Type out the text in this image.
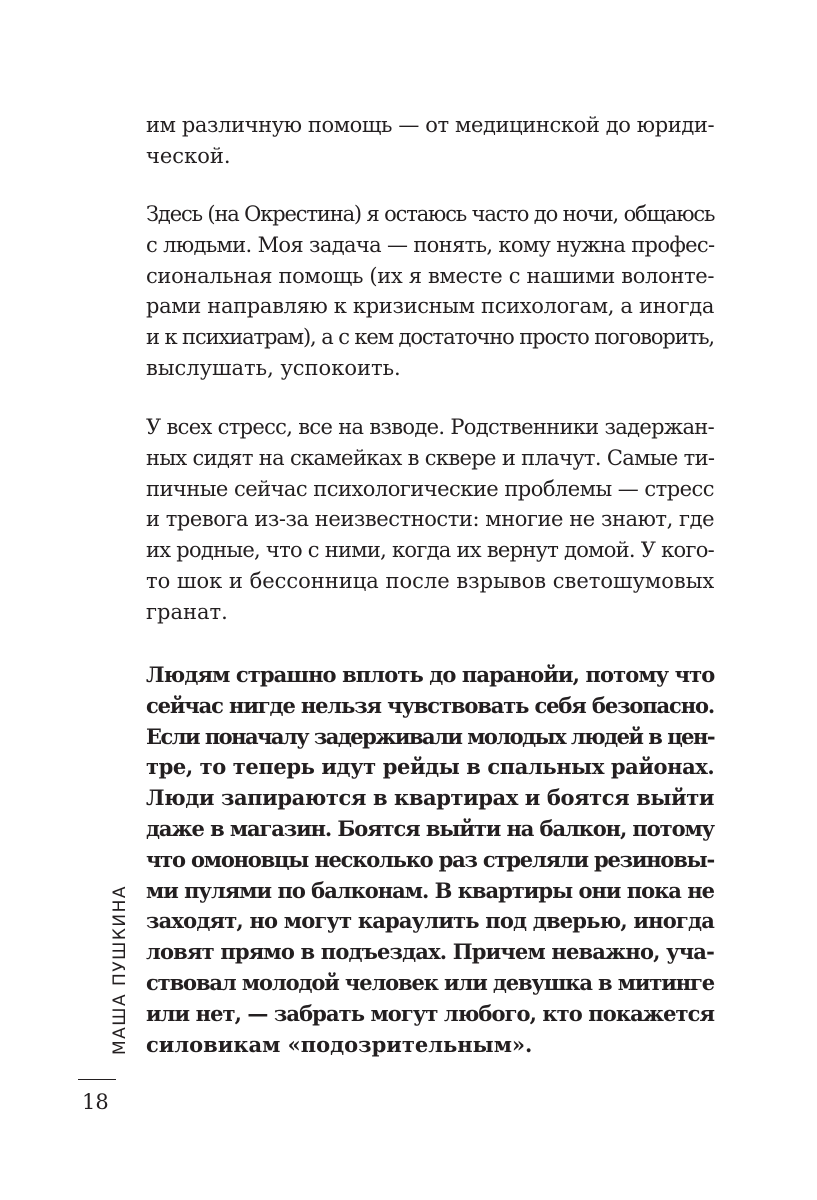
им различную помощь — от медицинской до юриди-
ческой.
Здесь (на Окрестина) я остаюсь часто до ночи, общаюсь
с людьми. Моя задача — понять, кому нужна профес-
сиональная помощь (их я вместе с нашими волонте-
рами направляю к кризисным психологам, а иногда
и к психиатрам), а с кем достаточно просто поговорить,
выслушать, успокоить.
У всех стресс, все на взводе. Родственники задержан-
ных сидят на скамейках в сквере и плачут. Самые ти-
пичные сейчас психологические проблемы — стресс
и тревога из-за неизвестности: многие не знают, где
их родные, что с ними, когда их вернут домой. У кого-
то шок и бессонница после взрывов светошумовых
гранат.
Людям страшно вплоть до паранойи, потому что
сейчас нигде нельзя чувствовать себя безопасно.
Если поначалу задерживали молодых людей в цен-
тре, то теперь идут рейды в спальных районах.
Люди запираются в квартирах и боятся выйти
даже в магазин. Боятся выйти на балкон, потому
что омоновцы несколько раз стреляли резиновы-
ми пулями по балконам. В квартиры они пока не
заходят, но могут караулить под дверью, иногда
ловят прямо в подъездах. Причем неважно, уча-
ствовал молодой человек или девушка в митинге
или нет, — забрать могут любого, кто покажется
силовикам «подозрительным».
МАША ПУШКИНА
18
